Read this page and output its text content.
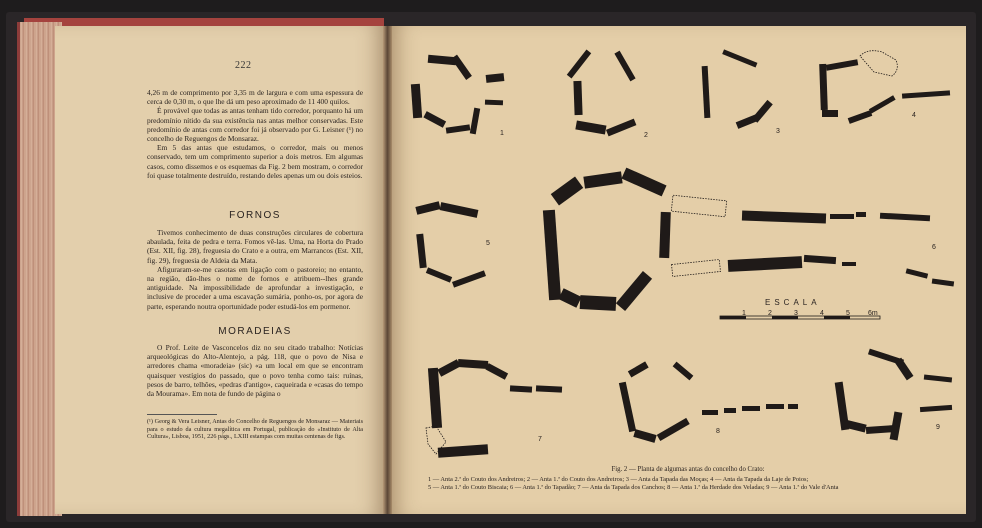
222

4,26 m de comprimento por 3,35 m de largura e com uma espessura de cerca de 0,30 m, o que lhe dá um peso aproximado de 11 400 quilos.

É provável que todas as antas tenham tido corredor, porquanto há um predomínio nítido da sua existência nas antas melhor conservadas. Este predomínio de antas com corredor foi já observado por G. Leisner (¹) no concelho de Reguengos de Monsaraz.

Em 5 das antas que estudamos, o corredor, mais ou menos conservado, tem um comprimento superior a dois metros. Em algumas casos, como dissemos e os esquemas da Fig. 2 bem mostram, o corredor foi quase totalmente destruído, restando deles apenas um ou dois esteios.

FORNOS

Tivemos conhecimento de duas construções circulares de cobertura abaulada, feita de pedra e terra. Fomos vê-las. Uma, na Horta do Prado (Est. XII, fig. 28), freguesia do Crato e a outra, em Marrancos (Est. XII, fig. 29), freguesia de Aldeia da Mata.

Afiguraram-se-me casotas em ligação com o pastoreio; no entanto, na região, dão-lhes o nome de fornos e atribuem--lhes grande antiguidade. Na impossibilidade de aprofundar a investigação, e inclusive de proceder a uma escavação sumária, ponho-os, por agora de parte, esperando noutra oportunidade poder estudá-los em pormenor.

MORADEIAS

O Prof. Leite de Vasconcelos diz no seu citado trabalho: Notícias arqueológicas do Alto-Alentejo, a pág. 118, que o povo de Nisa e arredores chama «moradeia» (sic) «a um local em que se encontram quaisquer vestígios do passado, que o povo tenha como tais: ruínas, pesos de barro, telhões, «pedras d'antigo», caqueirada e «casas do tempo da Mourama». Em nota de fundo de página o

(¹) Georg & Vera Leisner, Antas do Concelho de Reguengos de Monsaraz — Materiais para o estudo da cultura megalítica em Portugal, publicação do «Instituto de Alta Cultura», Lisboa, 1951, 226 págs., LXIII estampas com muitas centenas de figs.

1	2
3
4
5
6
7
8
9
ESCALA
1	2	3	4	5	6m
Fig. 2 — Planta de algumas antas do concelho do Crato:
1 — Anta 2.ª do Couto dos Andreiros; 2 — Anta 1.ª do Couto dos Andreiros; 3 — Anta da Tapada das Moças; 4 — Anta da Tapada da Laje de Poios;
5 — Anta 1.ª do Couto Biscaia; 6 — Anta 1.ª do Tapadão; 7 — Anta da Tapada dos Canchos; 8 — Anta 1.ª da Herdade dos Veladas; 9 — Anta 1.ª do Vale d'Anta
